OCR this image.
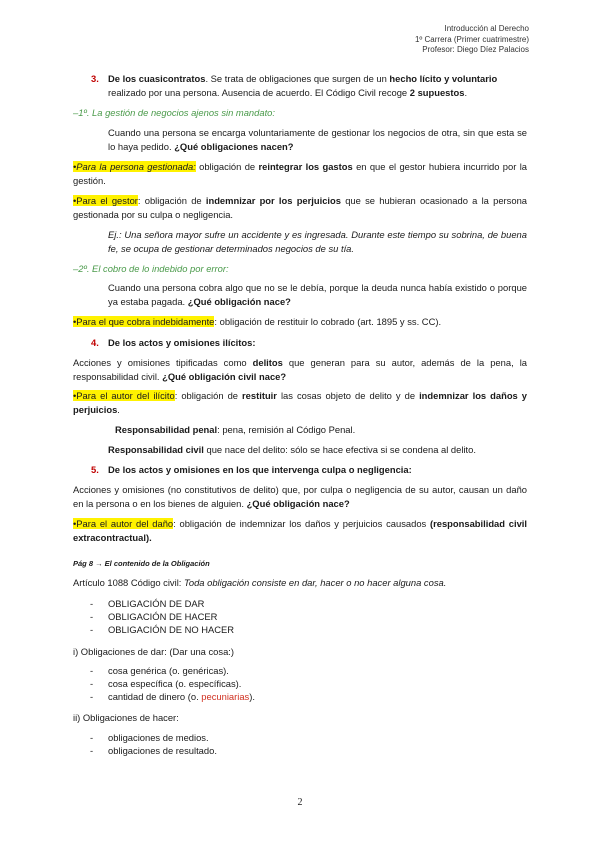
Introducción al Derecho
1º Carrera (Primer cuatrimestre)
Profesor: Diego Díez Palacios
3. De los cuasicontratos. Se trata de obligaciones que surgen de un hecho lícito y voluntario realizado por una persona. Ausencia de acuerdo. El Código Civil recoge 2 supuestos.
–1º. La gestión de negocios ajenos sin mandato:
Cuando una persona se encarga voluntariamente de gestionar los negocios de otra, sin que esta se lo haya pedido. ¿Qué obligaciones nacen?
•Para la persona gestionada: obligación de reintegrar los gastos en que el gestor hubiera incurrido por la gestión.
•Para el gestor: obligación de indemnizar por los perjuicios que se hubieran ocasionado a la persona gestionada por su culpa o negligencia.
Ej.: Una señora mayor sufre un accidente y es ingresada. Durante este tiempo su sobrina, de buena fe, se ocupa de gestionar determinados negocios de su tía.
–2º. El cobro de lo indebido por error:
Cuando una persona cobra algo que no se le debía, porque la deuda nunca había existido o porque ya estaba pagada. ¿Qué obligación nace?
•Para el que cobra indebidamente: obligación de restituir lo cobrado (art. 1895 y ss. CC).
4. De los actos y omisiones ilícitos:
Acciones y omisiones tipificadas como delitos que generan para su autor, además de la pena, la responsabilidad civil. ¿Qué obligación civil nace?
•Para el autor del ilícito: obligación de restituir las cosas objeto de delito y de indemnizar los daños y perjuicios.
Responsabilidad penal: pena, remisión al Código Penal.
Responsabilidad civil que nace del delito: sólo se hace efectiva si se condena al delito.
5. De los actos y omisiones en los que intervenga culpa o negligencia:
Acciones y omisiones (no constitutivos de delito) que, por culpa o negligencia de su autor, causan un daño en la persona o en los bienes de alguien. ¿Qué obligación nace?
•Para el autor del daño: obligación de indemnizar los daños y perjuicios causados (responsabilidad civil extracontractual).
Pág 8 → El contenido de la Obligación
Artículo 1088 Código civil: Toda obligación consiste en dar, hacer o no hacer alguna cosa.
- OBLIGACIÓN DE DAR
- OBLIGACIÓN DE HACER
- OBLIGACIÓN DE NO HACER
i) Obligaciones de dar: (Dar una cosa:)
- cosa genérica (o. genéricas).
- cosa específica (o. específicas).
- cantidad de dinero (o. pecuniarias).
ii) Obligaciones de hacer:
- obligaciones de medios.
- obligaciones de resultado.
2
